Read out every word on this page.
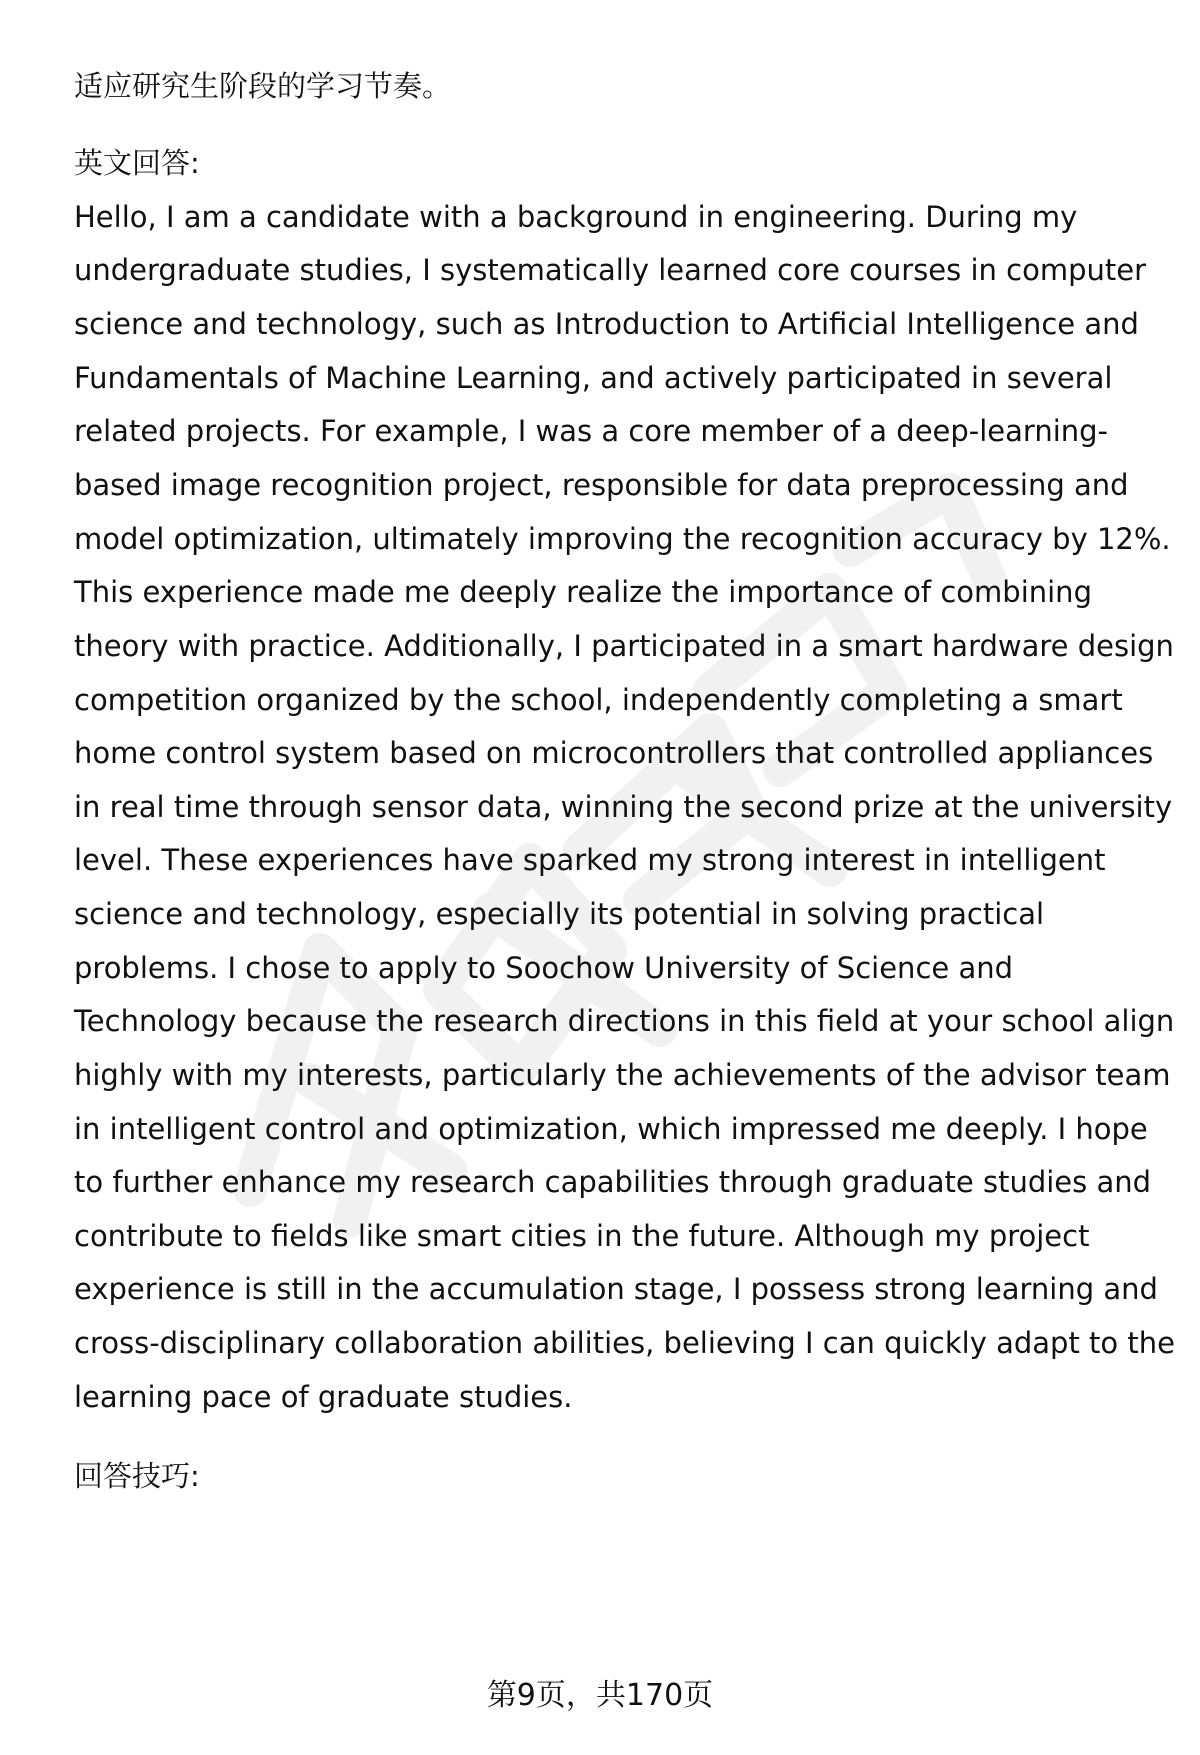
适应研究生阶段的学习节奏。
英文回答:
Hello, I am a candidate with a background in engineering. During my
undergraduate studies, I systematically learned core courses in computer
science and technology, such as Introduction to Artificial Intelligence and
Fundamentals of Machine Learning, and actively participated in several
related projects. For example, I was a core member of a deep-learning-
based image recognition project, responsible for data preprocessing and
model optimization, ultimately improving the recognition accuracy by 12%.
This experience made me deeply realize the importance of combining
theory with practice. Additionally, I participated in a smart hardware design
competition organized by the school, independently completing a smart
home control system based on microcontrollers that controlled appliances
in real time through sensor data, winning the second prize at the university
level. These experiences have sparked my strong interest in intelligent
science and technology, especially its potential in solving practical
problems. I chose to apply to Soochow University of Science and
Technology because the research directions in this field at your school align
highly with my interests, particularly the achievements of the advisor team
in intelligent control and optimization, which impressed me deeply. I hope
to further enhance my research capabilities through graduate studies and
contribute to fields like smart cities in the future. Although my project
experience is still in the accumulation stage, I possess strong learning and
cross-disciplinary collaboration abilities, believing I can quickly adapt to the
learning pace of graduate studies.
回答技巧:
第9页，共170页
